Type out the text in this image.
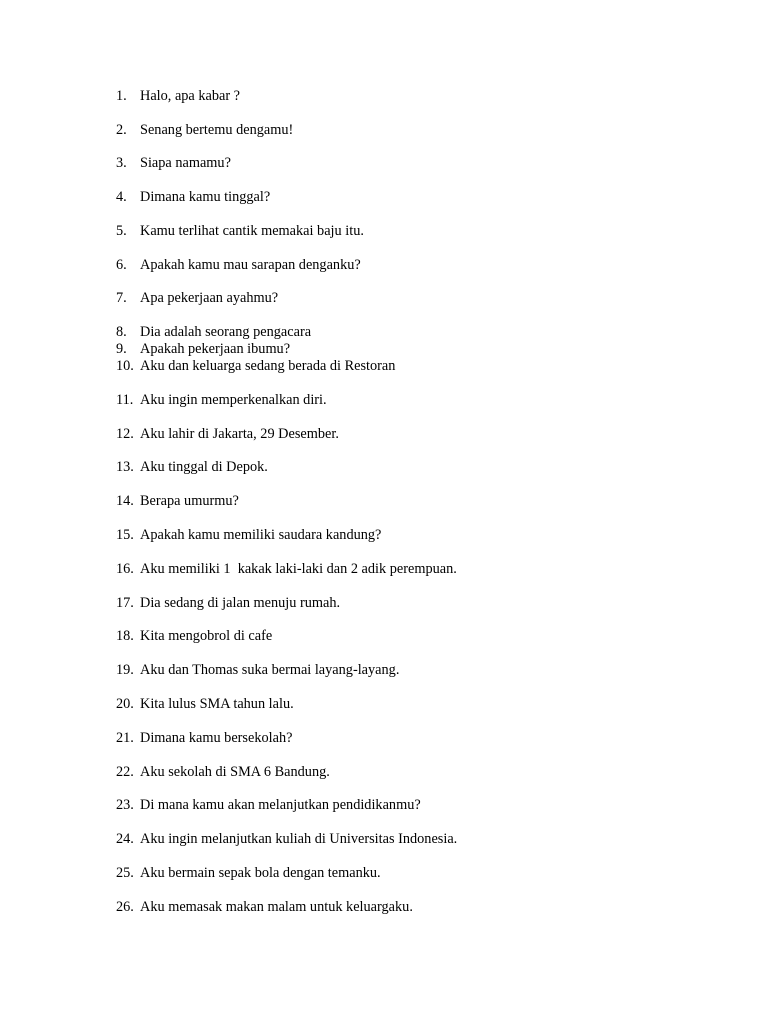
1. Halo, apa kabar ?
2. Senang bertemu dengamu!
3. Siapa namamu?
4. Dimana kamu tinggal?
5. Kamu terlihat cantik memakai baju itu.
6. Apakah kamu mau sarapan denganku?
7. Apa pekerjaan ayahmu?
8. Dia adalah seorang pengacara
9. Apakah pekerjaan ibumu?
10. Aku dan keluarga sedang berada di Restoran
11. Aku ingin memperkenalkan diri.
12. Aku lahir di Jakarta, 29 Desember.
13. Aku tinggal di Depok.
14. Berapa umurmu?
15. Apakah kamu memiliki saudara kandung?
16. Aku memiliki 1  kakak laki-laki dan 2 adik perempuan.
17. Dia sedang di jalan menuju rumah.
18. Kita mengobrol di cafe
19. Aku dan Thomas suka bermai layang-layang.
20. Kita lulus SMA tahun lalu.
21. Dimana kamu bersekolah?
22. Aku sekolah di SMA 6 Bandung.
23. Di mana kamu akan melanjutkan pendidikanmu?
24. Aku ingin melanjutkan kuliah di Universitas Indonesia.
25. Aku bermain sepak bola dengan temanku.
26. Aku memasak makan malam untuk keluargaku.
